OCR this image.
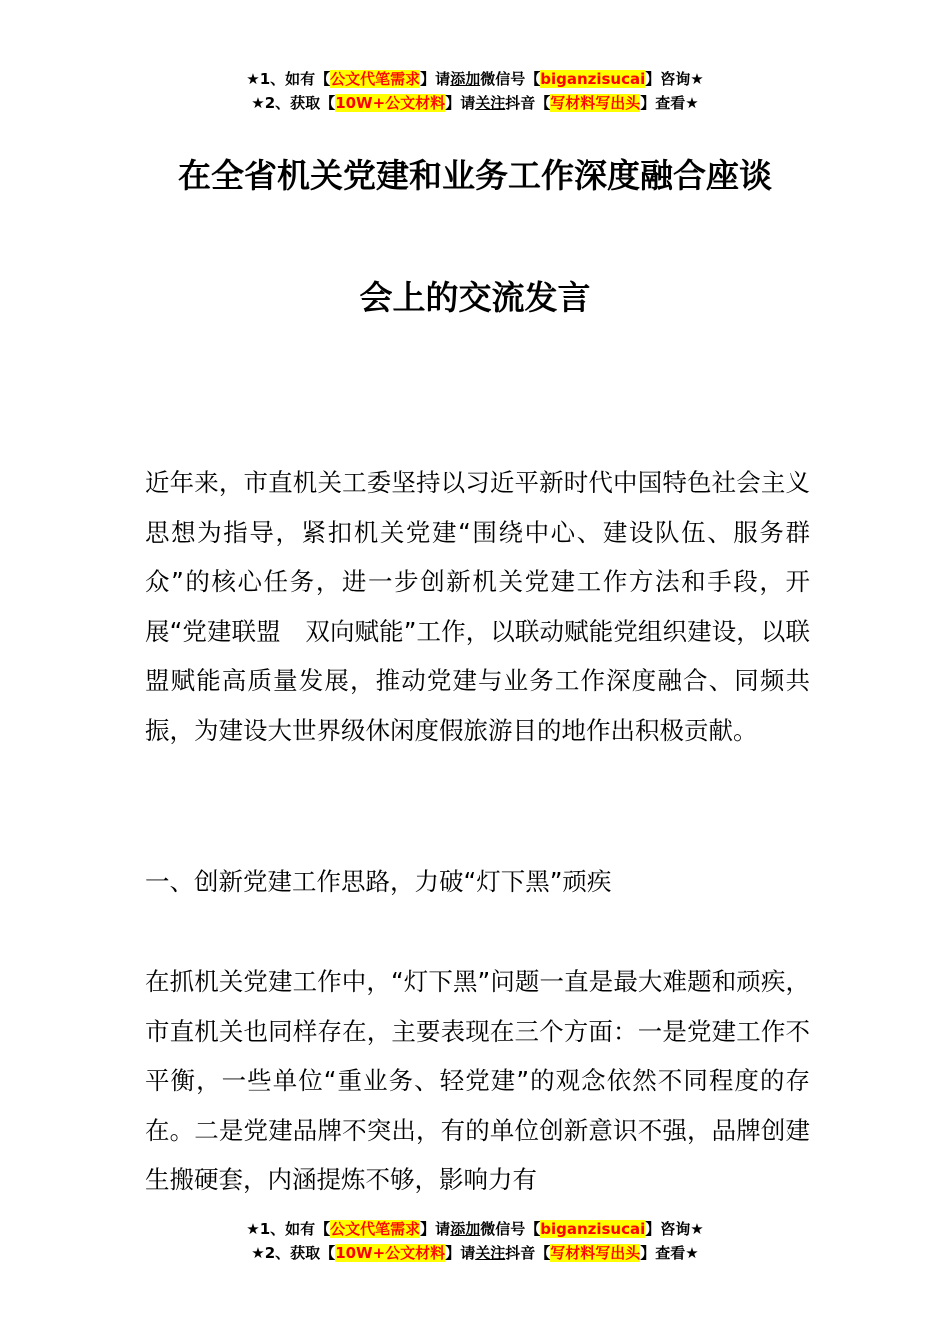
★1、如有【公文代笔需求】请添加微信号【biganzisucai】咨询★
★2、获取【10W+公文材料】请关注抖音【写材料写出头】查看★
在全省机关党建和业务工作深度融合座谈
会上的交流发言

近年来，市直机关工委坚持以习近平新时代中国特色社会主义思想为指导，紧扣机关党建“围绕中心、建设队伍、服务群众”的核心任务，进一步创新机关党建工作方法和手段，开展“党建联盟　双向赋能”工作，以联动赋能党组织建设，以联盟赋能高质量发展，推动党建与业务工作深度融合、同频共振，为建设大世界级休闲度假旅游目的地作出积极贡献。

一、创新党建工作思路，力破“灯下黑”顽疾

在抓机关党建工作中，“灯下黑”问题一直是最大难题和顽疾，市直机关也同样存在，主要表现在三个方面：一是党建工作不平衡，一些单位“重业务、轻党建”的观念依然不同程度的存在。二是党建品牌不突出，有的单位创新意识不强，品牌创建生搬硬套，内涵提炼不够，影响力有

★1、如有【公文代笔需求】请添加微信号【biganzisucai】咨询★
★2、获取【10W+公文材料】请关注抖音【写材料写出头】查看★
